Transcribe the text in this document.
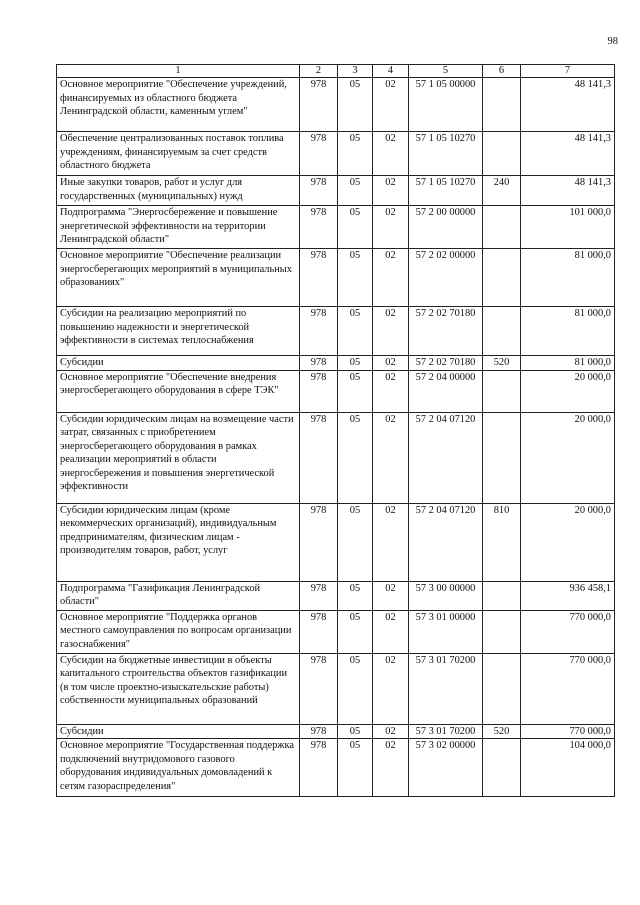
98
1	2	3	4	5	6	7
Основное мероприятие "Обеспечение учреждений, финансируемых из областного бюджета Ленинградской области, каменным углем"	978	05	02	57 1 05 00000		48 141,3
Обеспечение централизованных поставок топлива учреждениям, финансируемым за счет средств областного бюджета	978	05	02	57 1 05 10270		48 141,3
Иные закупки товаров, работ и услуг для государственных (муниципальных) нужд	978	05	02	57 1 05 10270	240	48 141,3
Подпрограмма "Энергосбережение и повышение энергетической эффективности на территории Ленинградской области"	978	05	02	57 2 00 00000		101 000,0
Основное мероприятие "Обеспечение реализации энергосберегающих мероприятий в муниципальных образованиях"	978	05	02	57 2 02 00000		81 000,0
Субсидии на реализацию мероприятий по повышению надежности и энергетической эффективности в системах теплоснабжения	978	05	02	57 2 02 70180		81 000,0
Субсидии	978	05	02	57 2 02 70180	520	81 000,0
Основное мероприятие "Обеспечение внедрения энергосберегающего оборудования в сфере ТЭК"	978	05	02	57 2 04 00000		20 000,0
Субсидии юридическим лицам на возмещение части затрат, связанных с приобретением энергосберегающего оборудования в рамках реализации мероприятий в области энергосбережения и повышения энергетической эффективности	978	05	02	57 2 04 07120		20 000,0
Субсидии юридическим лицам (кроме некоммерческих организаций), индивидуальным предпринимателям, физическим лицам - производителям товаров, работ, услуг	978	05	02	57 2 04 07120	810	20 000,0
Подпрограмма "Газификация Ленинградской области"	978	05	02	57 3 00 00000		936 458,1
Основное мероприятие "Поддержка органов местного самоуправления по вопросам организации газоснабжения"	978	05	02	57 3 01 00000		770 000,0
Субсидии на бюджетные инвестиции в объекты капитального строительства объектов газификации (в том числе проектно-изыскательские работы) собственности муниципальных образований	978	05	02	57 3 01 70200		770 000,0
Субсидии	978	05	02	57 3 01 70200	520	770 000,0
Основное мероприятие "Государственная поддержка подключений внутридомового газового оборудования индивидуальных домовладений к сетям газораспределения"	978	05	02	57 3 02 00000		104 000,0
